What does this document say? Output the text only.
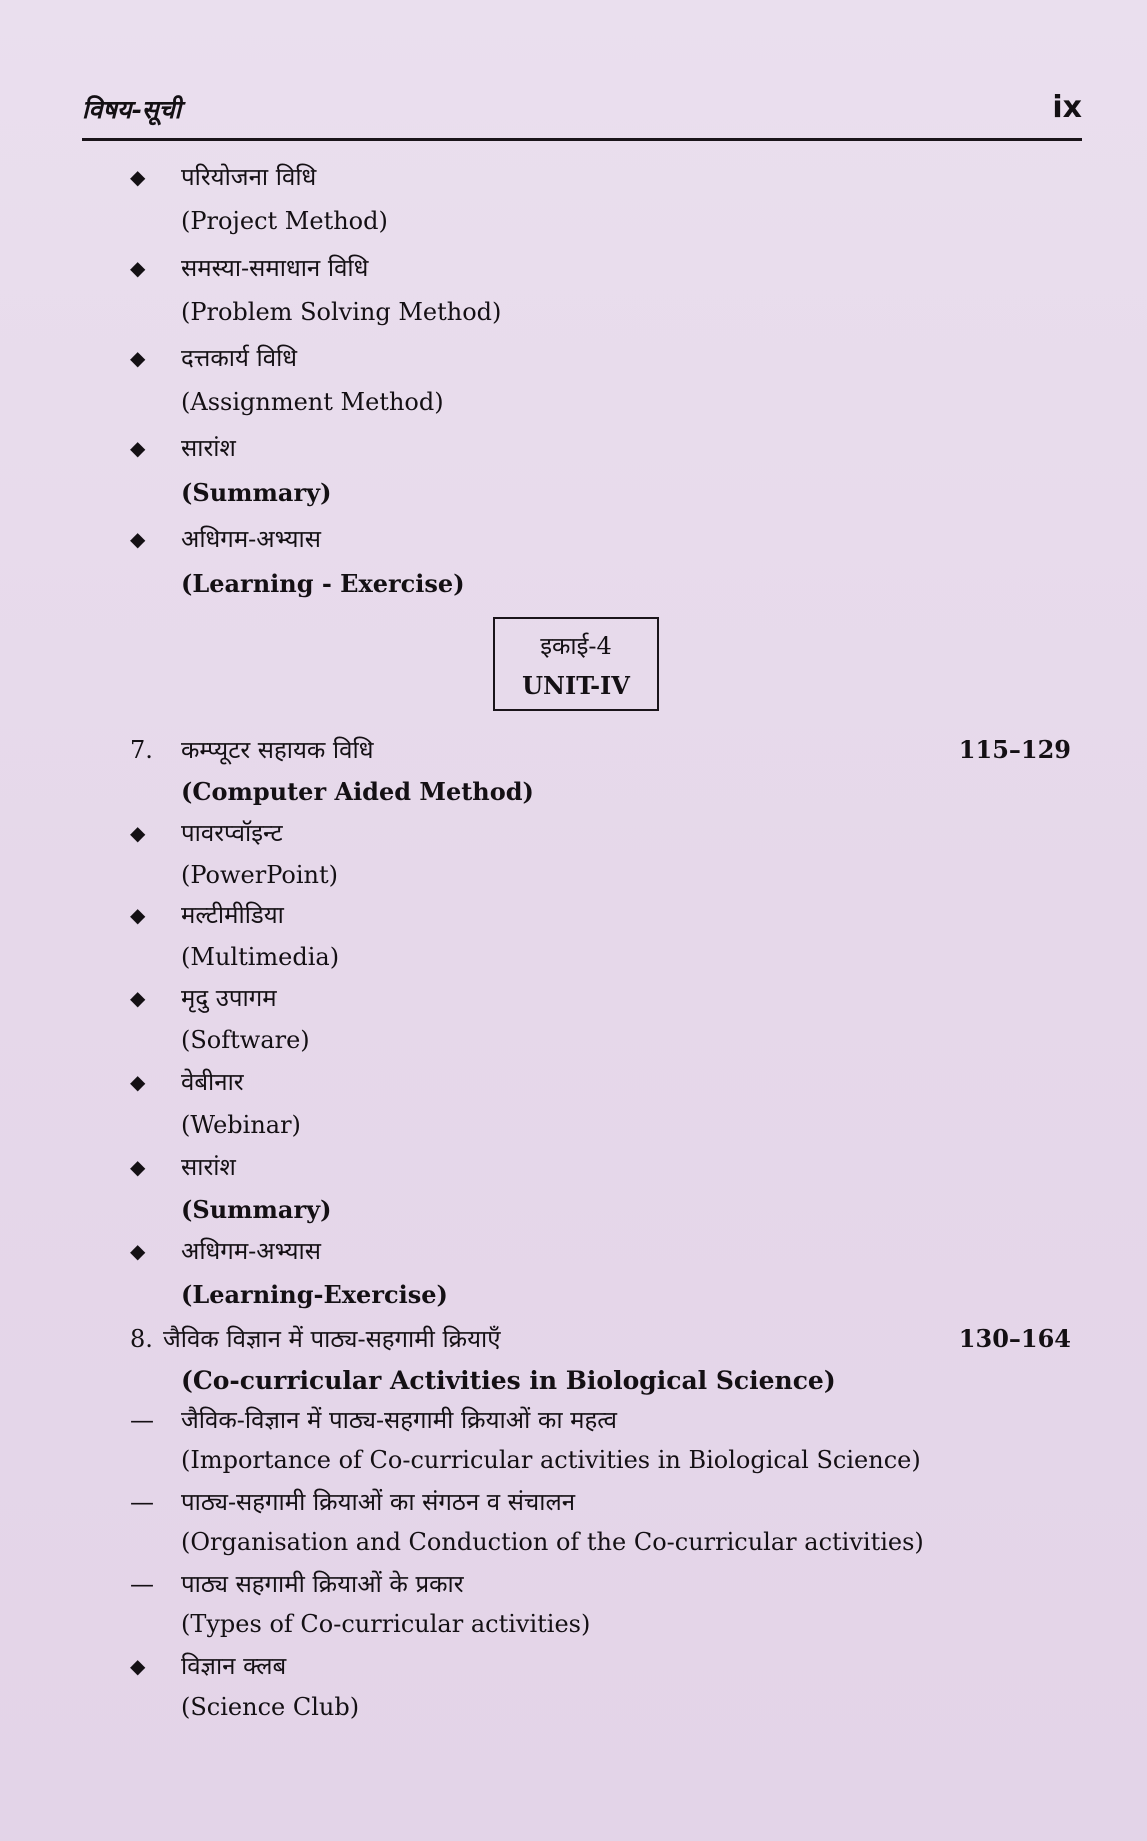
विषय-सूची	ix
◆ परियोजना विधि
(Project Method)
◆ समस्या-समाधान विधि
(Problem Solving Method)
◆ दत्तकार्य विधि
(Assignment Method)
◆ सारांश
(Summary)
◆ अधिगम-अभ्यास
(Learning - Exercise)
इकाई-4
UNIT-IV
7. कम्प्यूटर सहायक विधि	115–129
(Computer Aided Method)
◆ पावरप्वॉइन्ट
(PowerPoint)
◆ मल्टीमीडिया
(Multimedia)
◆ मृदु उपागम
(Software)
◆ वेबीनार
(Webinar)
◆ सारांश
(Summary)
◆ अधिगम-अभ्यास
(Learning-Exercise)
8. जैविक विज्ञान में पाठ्य-सहगामी क्रियाएँ	130–164
(Co-curricular Activities in Biological Science)
— जैविक-विज्ञान में पाठ्य-सहगामी क्रियाओं का महत्व
(Importance of Co-curricular activities in Biological Science)
— पाठ्य-सहगामी क्रियाओं का संगठन व संचालन
(Organisation and Conduction of the Co-curricular activities)
— पाठ्य सहगामी क्रियाओं के प्रकार
(Types of Co-curricular activities)
◆ विज्ञान क्लब
(Science Club)
